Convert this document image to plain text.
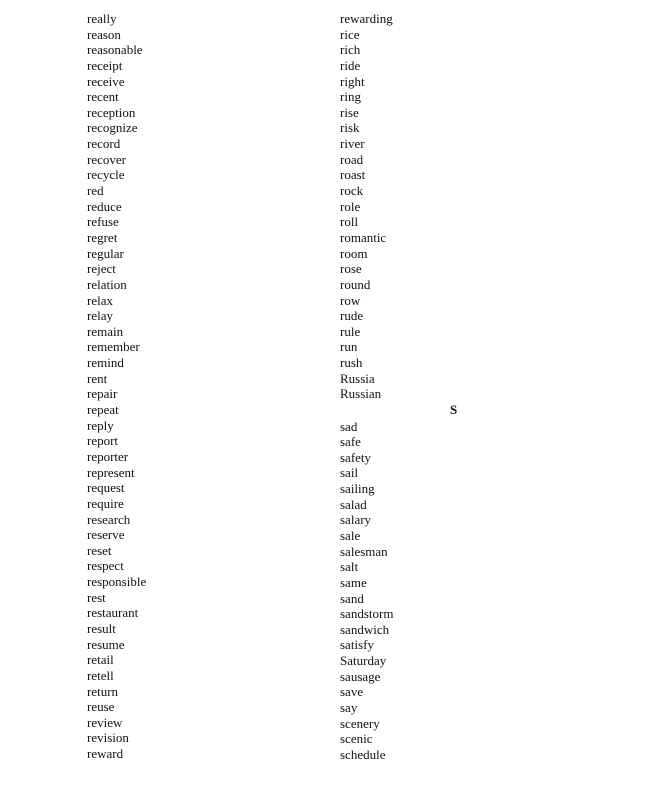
really
reason
reasonable
receipt
receive
recent
reception
recognize
record
recover
recycle
red
reduce
refuse
regret
regular
reject
relation
relax
relay
remain
remember
remind
rent
repair
repeat
reply
report
reporter
represent
request
require
research
reserve
reset
respect
responsible
rest
restaurant
result
resume
retail
retell
return
reuse
review
revision
reward
rewarding
rice
rich
ride
right
ring
rise
risk
river
road
roast
rock
role
roll
romantic
room
rose
round
row
rude
rule
run
rush
Russia
Russian
S
sad
safe
safety
sail
sailing
salad
salary
sale
salesman
salt
same
sand
sandstorm
sandwich
satisfy
Saturday
sausage
save
say
scenery
scenic
schedule
